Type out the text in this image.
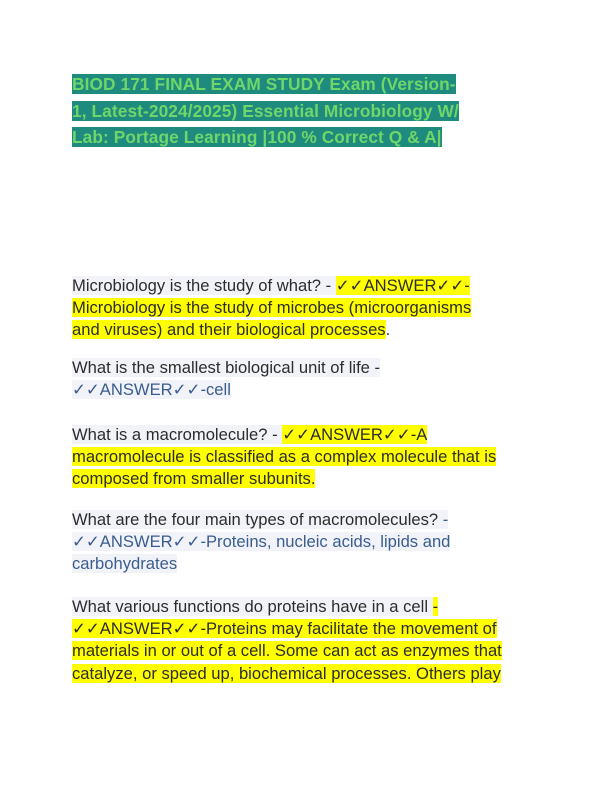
BIOD 171 FINAL EXAM STUDY Exam (Version-
1, Latest-2024/2025) Essential Microbiology W/
Lab: Portage Learning |100 % Correct Q & A|
Microbiology is the study of what? - ✓✓ANSWER✓✓-
Microbiology is the study of microbes (microorganisms
and viruses) and their biological processes.
What is the smallest biological unit of life -
✓✓ANSWER✓✓-cell
What is a macromolecule? - ✓✓ANSWER✓✓-A
macromolecule is classified as a complex molecule that is
composed from smaller subunits.
What are the four main types of macromolecules? -
✓✓ANSWER✓✓-Proteins, nucleic acids, lipids and
carbohydrates
What various functions do proteins have in a cell -
✓✓ANSWER✓✓-Proteins may facilitate the movement of
materials in or out of a cell. Some can act as enzymes that
catalyze, or speed up, biochemical processes. Others play
